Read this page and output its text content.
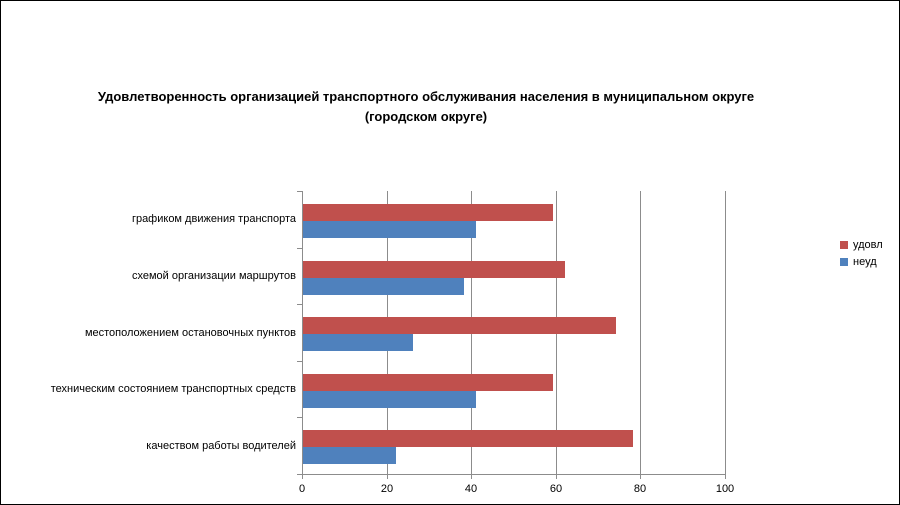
Удовлетворенность организацией транспортного обслуживания населения в муниципальном округе
(городском округе)
0	20	40	60	80	100
графиком движения транспорта
схемой организации маршрутов
местоположением остановочных пунктов
техническим состоянием транспортных средств
качеством работы водителей
удовл
неуд
